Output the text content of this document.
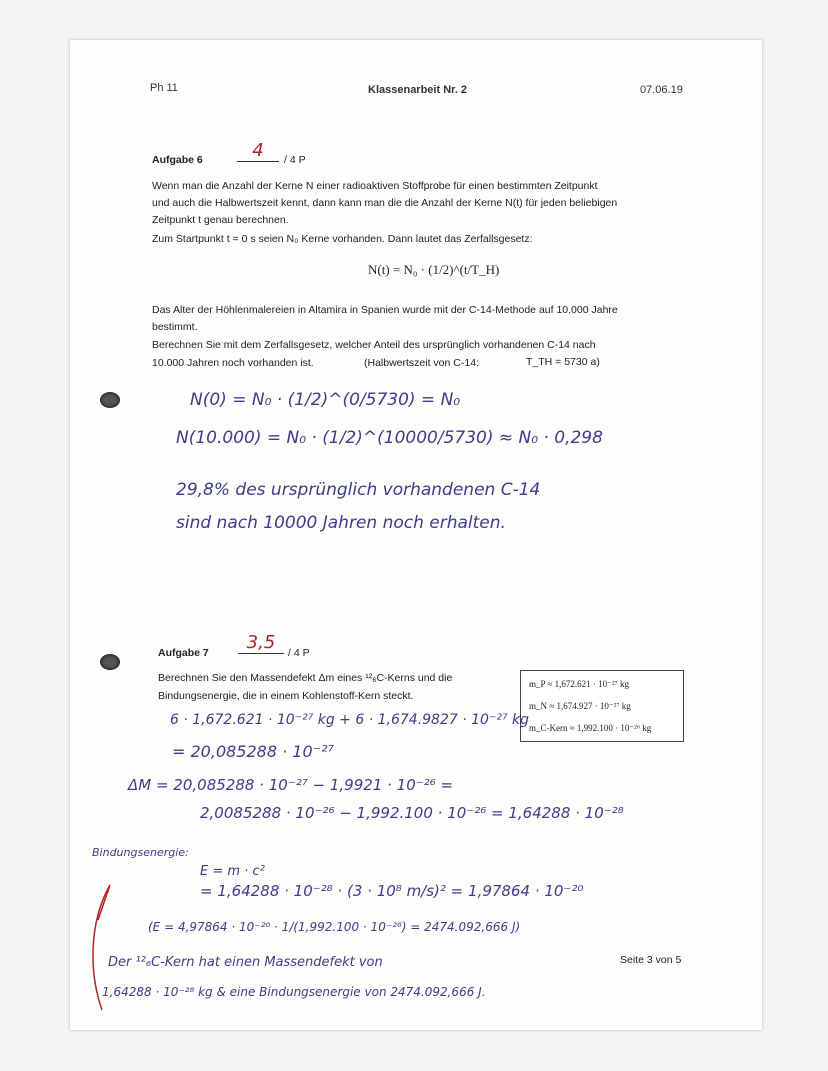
Ph 11	Klassenarbeit Nr. 2	07.06.19
Aufgabe 6	4	/ 4 P
Wenn man die Anzahl der Kerne N einer radioaktiven Stoffprobe für einen bestimmten Zeitpunkt
und auch die Halbwertszeit kennt, dann kann man die die Anzahl der Kerne N(t) für jeden beliebigen
Zeitpunkt t genau berechnen.
Zum Startpunkt t = 0 s seien N₀ Kerne vorhanden. Dann lautet das Zerfallsgesetz:
N(t) = N₀ · (1/2)^(t/T_H)
Das Alter der Höhlenmalereien in Altamira in Spanien wurde mit der C-14-Methode auf 10.000 Jahre
bestimmt.
Berechnen Sie mit dem Zerfallsgesetz, welcher Anteil des ursprünglich vorhandenen C-14 nach
10.000 Jahren noch vorhanden ist.	(Halbwertszeit von C-14:	T_TH = 5730 a)
N(0) = N₀ · (1/2)^(0/5730) = N₀
N(10.000) = N₀ · (1/2)^(10000/5730) ≈ N₀ · 0,298
29,8% des ursprünglich vorhandenen C-14
sind nach 10000 Jahren noch erhalten.
Aufgabe 7	3,5	/ 4 P
Berechnen Sie den Massendefekt Δm eines ¹²₆C-Kerns und die
Bindungsenergie, die in einem Kohlenstoff-Kern steckt.
m_P ≈ 1,672.621 · 10⁻²⁷ kg
m_N ≈ 1,674.927 · 10⁻²⁷ kg
m_C-Kern ≈ 1,992.100 · 10⁻²⁶ kg
6 · 1,672.621 · 10⁻²⁷ kg + 6 · 1,674.9827 · 10⁻²⁷ kg
= 20,085288 · 10⁻²⁷
ΔM = 20,085288 · 10⁻²⁷ − 1,9921 · 10⁻²⁶ =
2,0085288 · 10⁻²⁶ − 1,992.100 · 10⁻²⁶ = 1,64288 · 10⁻²⁸
Bindungsenergie:
E = m · c²
= 1,64288 · 10⁻²⁸ · (3 · 10⁸ m/s)² = 1,97864 · 10⁻²⁰
(E = 4,97864 · 10⁻²⁰ · 1/(1,992.100 · 10⁻²⁶) = 2474.092,666 J)
Der ¹²₆C-Kern hat einen Massendefekt von
1,64288 · 10⁻²⁸ kg & eine Bindungsenergie von 2474.092,666 J.
Seite 3 von 5
